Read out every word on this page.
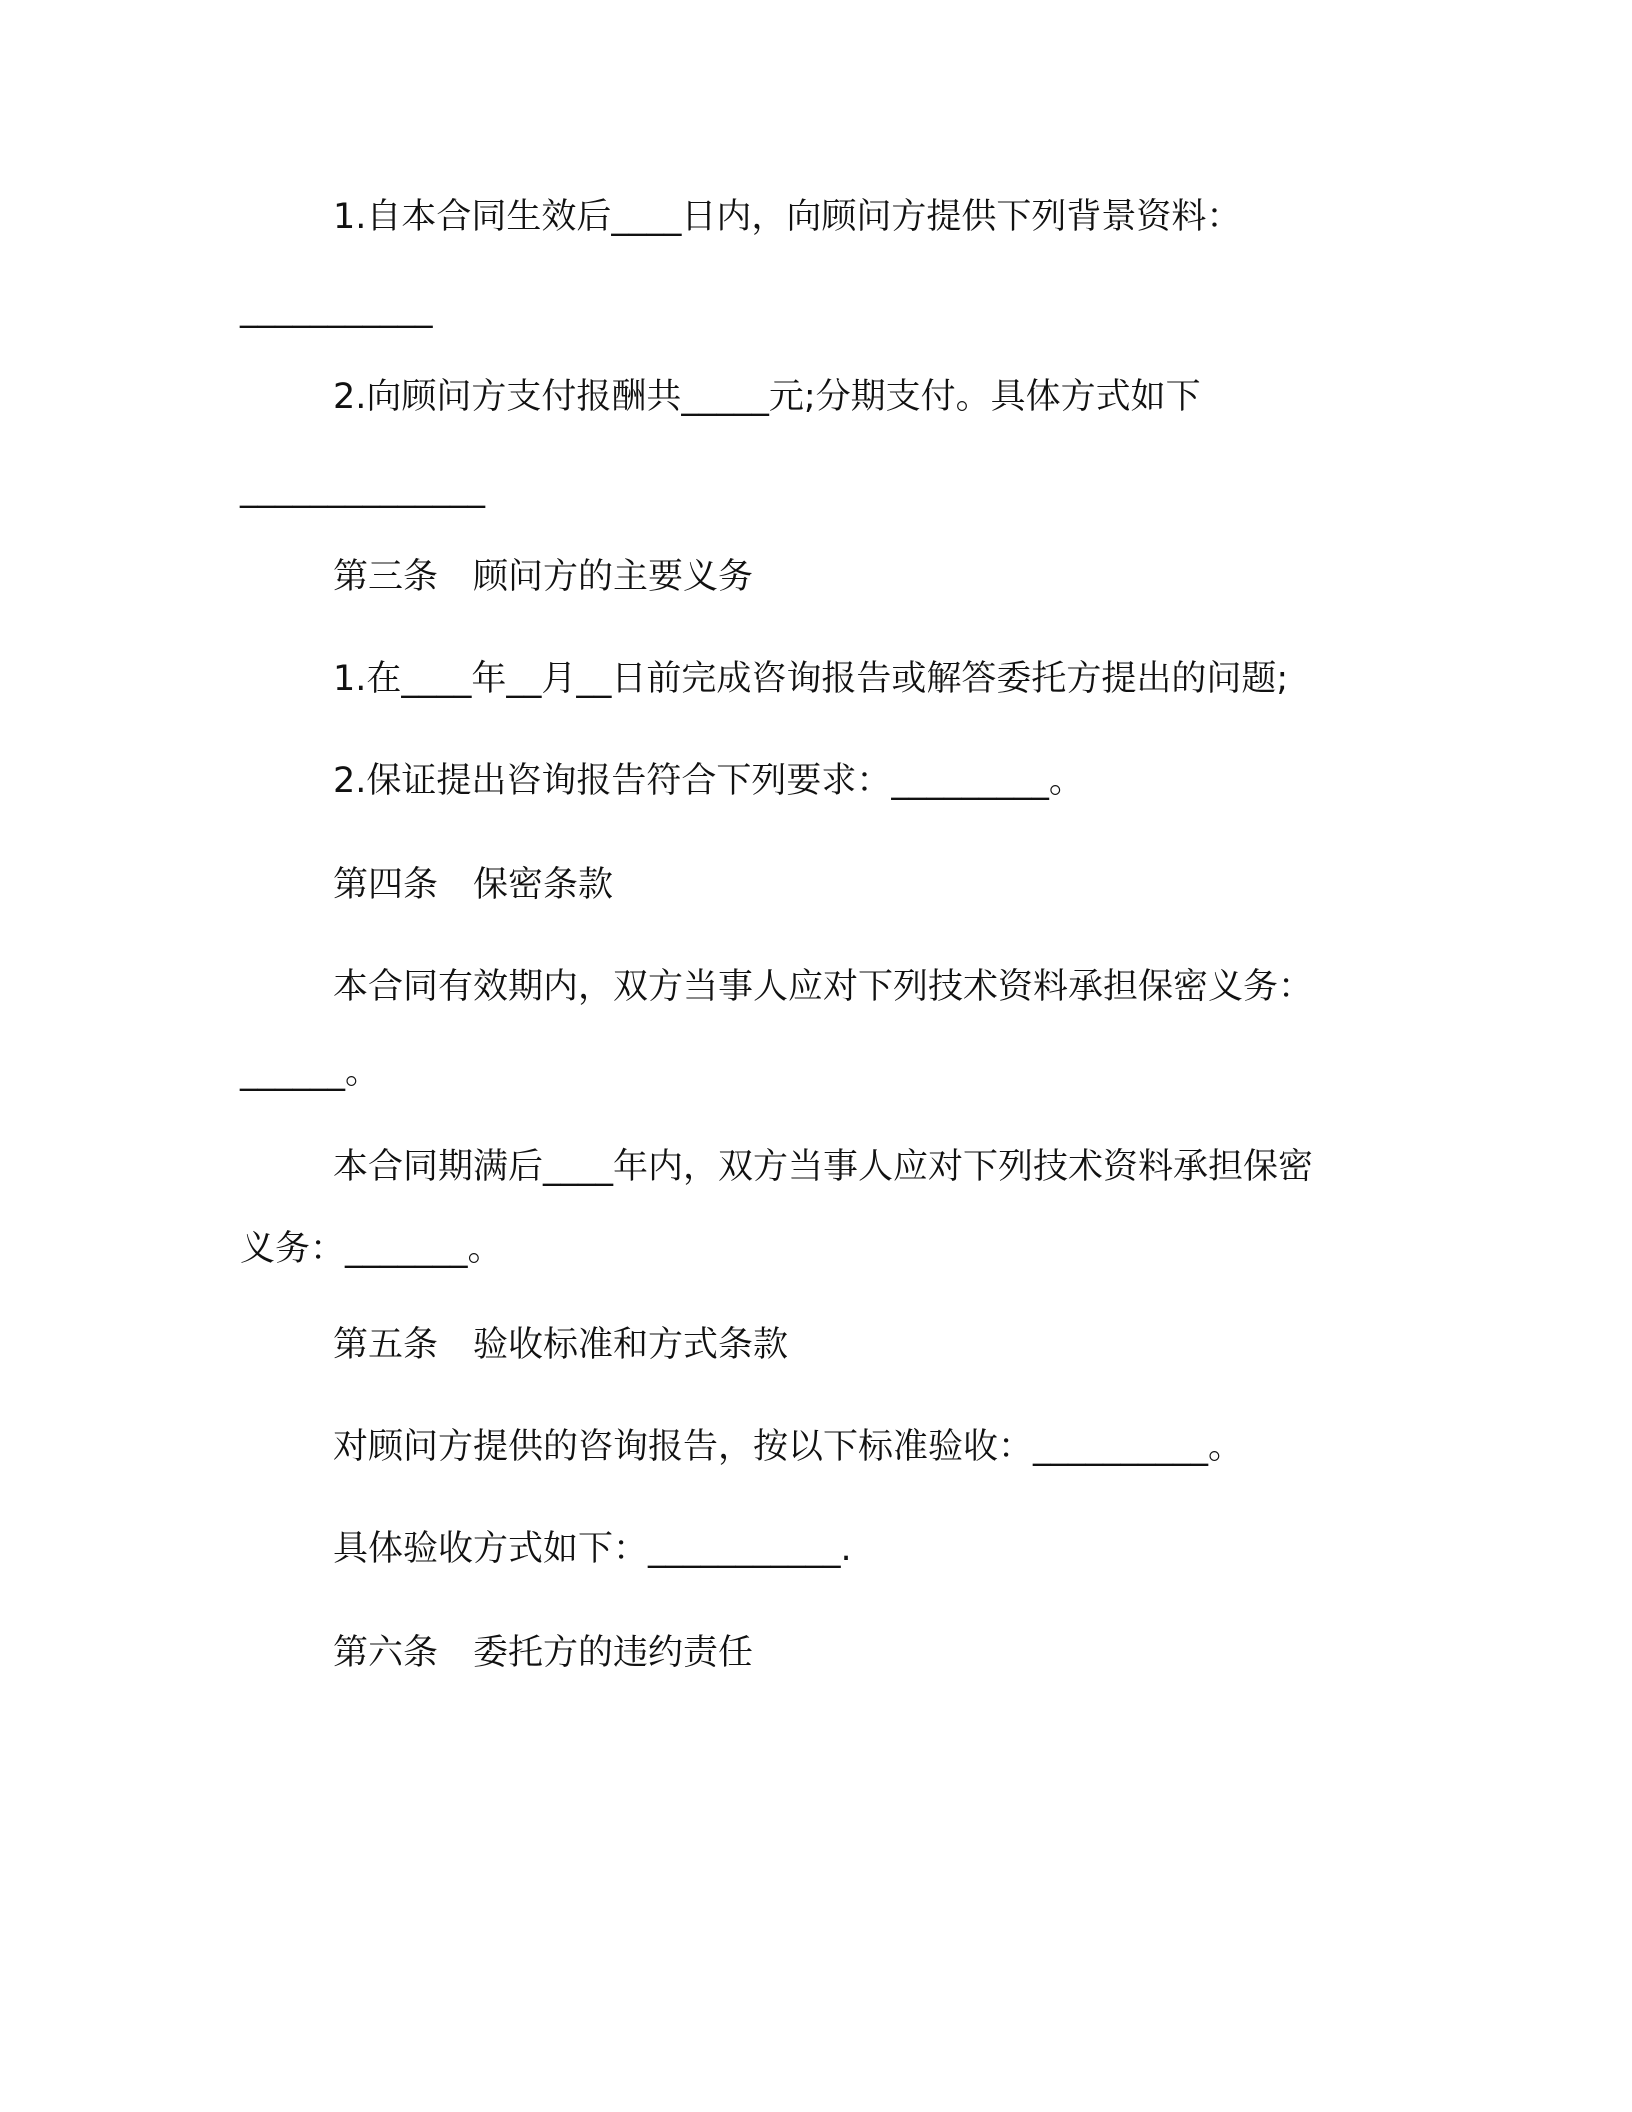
1.自本合同生效后____日内，向顾问方提供下列背景资料：
___________
2.向顾问方支付报酬共_____元;分期支付。具体方式如下
______________
第三条　顾问方的主要义务
1.在____年__月__日前完成咨询报告或解答委托方提出的问题;
2.保证提出咨询报告符合下列要求：_________。
第四条　保密条款
本合同有效期内，双方当事人应对下列技术资料承担保密义务：
______。
本合同期满后____年内，双方当事人应对下列技术资料承担保密
义务：_______。
第五条　验收标准和方式条款
对顾问方提供的咨询报告，按以下标准验收：__________。
具体验收方式如下：___________.
第六条　委托方的违约责任
